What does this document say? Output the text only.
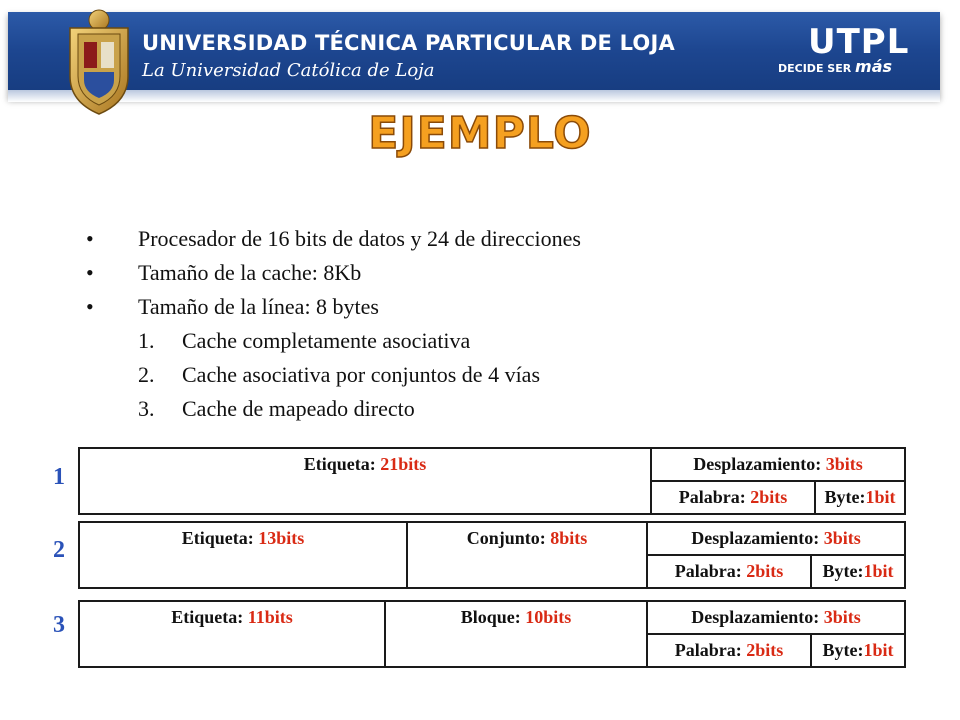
UNIVERSIDAD TÉCNICA PARTICULAR DE LOJA
La Universidad Católica de Loja
UTPL
DECIDE SER más
EJEMPLO
•	Procesador de 16 bits de datos y 24 de direcciones
•	Tamaño de la cache: 8Kb
•	Tamaño de la línea: 8 bytes
1. Cache completamente asociativa
2. Cache asociativa por conjuntos de 4 vías
3. Cache de mapeado directo
1	Etiqueta: 21bits	Desplazamiento: 3bits	
	Palabra: 2bits	Byte:1bit
2	Etiqueta: 13bits	Conjunto: 8bits	Desplazamiento: 3bits	
		Palabra: 2bits	Byte:1bit
3	Etiqueta: 11bits	Bloque: 10bits	Desplazamiento: 3bits	
		Palabra: 2bits	Byte:1bit
